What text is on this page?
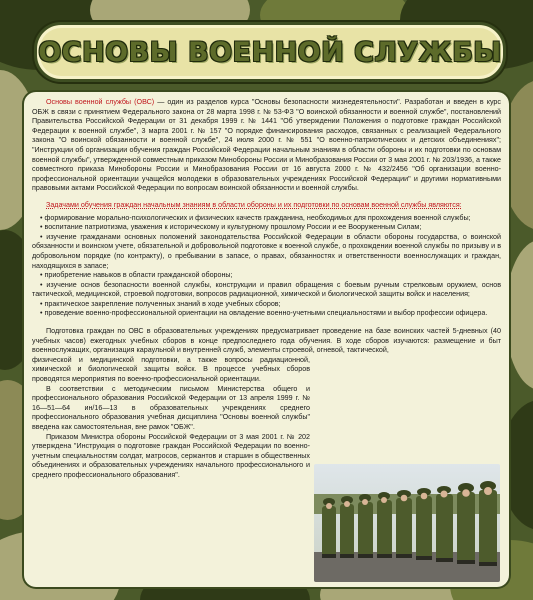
ОСНОВЫ ВОЕННОЙ СЛУЖБЫ

Основы военной службы (ОВС) — один из разделов курса "Основы безопасности жизнедеятельности". Разработан и введен в курс ОБЖ в связи с принятием Федерального закона от 28 марта 1998 г. № 53-ФЗ "О воинской обязанности и военной службе", постановлений Правительства Российской Федерации от 31 декабря 1999 г. № 1441 "Об утверждении Положения о подготовке граждан Российской Федерации к военной службе", 3 марта 2001 г. № 157 "О порядке финансирования расходов, связанных с реализацией Федерального закона "О воинской обязанности и военной службе", 24 июля 2000 г. № 551 "О военно-патриотических и детских объединениях"; "Инструкции об организации обучения граждан Российской Федерации начальным знаниям в области обороны и их подготовки по основам военной службы", утвержденной совместным приказом Минобороны России и Минобразования России от 3 мая 2001 г. № 203/1936, а также совместного приказа Минобороны России и Минобразования России от 16 августа 2000 г. № 432/2456 "Об организации военно-профессиональной ориентации учащейся молодежи в образовательных учреждениях Российской Федерации" и другими нормативными правовыми актами Российской Федерации по вопросам воинской обязанности и военной службы.

Задачами обучения граждан начальным знаниям в области обороны и их подготовки по основам военной службы являются:

• формирование морально-психологических и физических качеств гражданина, необходимых для прохождения военной службы;
• воспитание патриотизма, уважения к историческому и культурному прошлому России и ее Вооруженным Силам;
• изучение гражданами основных положений законодательства Российской Федерации в области обороны государства, о воинской обязанности и воинском учете, обязательной и добровольной подготовке к военной службе, о прохождении военной службы по призыву и в добровольном порядке (по контракту), о пребывании в запасе, о правах, обязанностях и ответственности военнослужащих и граждан, находящихся в запасе;
• приобретение навыков в области гражданской обороны;
• изучение основ безопасности военной службы, конструкции и правил обращения с боевым ручным стрелковым оружием, основ тактической, медицинской, строевой подготовки, вопросов радиационной, химической и биологической защиты войск и населения;
• практическое закрепление полученных знаний в ходе учебных сборов;
• проведение военно-профессиональной ориентации на овладение военно-учетными специальностями и выбор профессии офицера.

Подготовка граждан по ОВС в образовательных учреждениях предусматривает проведение на базе воинских частей 5-дневных (40 учебных часов) ежегодных учебных сборов в конце предпоследнего года обучения. В ходе сборов изучаются: размещение и быт военнослужащих, организация караульной и внутренней служб, элементы строевой, огневой, тактической,

физической и медицинской подготовки, а также вопросы радиационной, химической и биологической защиты войск. В процессе учебных сборов проводятся мероприятия по военно-профессиональной ориентации.

В соответствии с методическим письмом Министерства общего и профессионального образования Российской Федерации от 13 апреля 1999 г. № 16—51—64 ин/16—13 в образовательных учреждениях среднего профессионального образования учебная дисциплина "Основы военной службы" введена как самостоятельная, вне рамок "ОБЖ".

Приказом Министра обороны Российской Федерации от 3 мая 2001 г. № 202 утверждена "Инструкция о подготовке граждан Российской Федерации по военно-учетным специальностям солдат, матросов, сержантов и старшин в общественных объединениях и образовательных учреждениях начального профессионального и среднего профессионального образования".
